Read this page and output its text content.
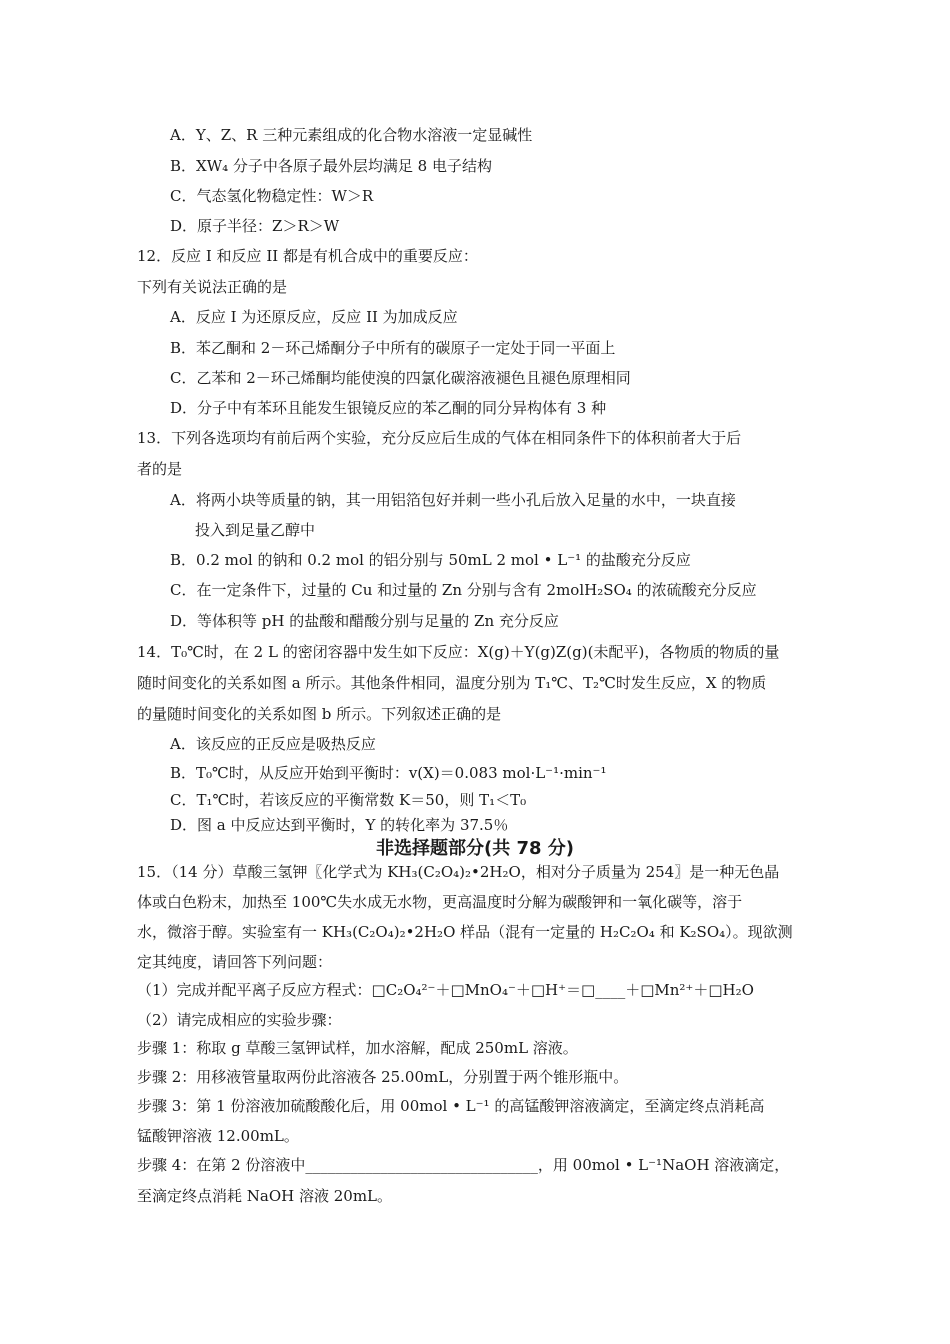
A．Y、Z、R 三种元素组成的化合物水溶液一定显碱性
B．XW₄ 分子中各原子最外层均满足 8 电子结构
C．气态氢化物稳定性：W＞R
D．原子半径：Z＞R＞W
12．反应 I 和反应 II 都是有机合成中的重要反应：
下列有关说法正确的是
A．反应 I 为还原反应，反应 II 为加成反应
B．苯乙酮和 2－环己烯酮分子中所有的碳原子一定处于同一平面上
C．乙苯和 2－环己烯酮均能使溴的四氯化碳溶液褪色且褪色原理相同
D．分子中有苯环且能发生银镜反应的苯乙酮的同分异构体有 3 种
13．下列各选项均有前后两个实验，充分反应后生成的气体在相同条件下的体积前者大于后
者的是
A．将两小块等质量的钠，其一用铝箔包好并刺一些小孔后放入足量的水中，一块直接
投入到足量乙醇中
B．0.2 mol 的钠和 0.2 mol 的铝分别与 50mL 2 mol • L⁻¹ 的盐酸充分反应
C．在一定条件下，过量的 Cu 和过量的 Zn 分别与含有 2molH₂SO₄ 的浓硫酸充分反应
D．等体积等 pH 的盐酸和醋酸分别与足量的 Zn 充分反应
14．T₀℃时，在 2 L 的密闭容器中发生如下反应：X(g)＋Y(g)Z(g)(未配平)，各物质的物质的量
随时间变化的关系如图 a 所示。其他条件相同，温度分别为 T₁℃、T₂℃时发生反应，X 的物质
的量随时间变化的关系如图 b 所示。下列叙述正确的是
A．该反应的正反应是吸热反应
B．T₀℃时，从反应开始到平衡时：v(X)＝0.083 mol·L⁻¹·min⁻¹
C．T₁℃时，若该反应的平衡常数 K＝50，则 T₁＜T₀
D．图 a 中反应达到平衡时，Y 的转化率为 37.5％
非选择题部分(共 78 分)
15．（14 分）草酸三氢钾〖化学式为 KH₃(C₂O₄)₂•2H₂O，相对分子质量为 254〗是一种无色晶
体或白色粉末，加热至 100℃失水成无水物，更高温度时分解为碳酸钾和一氧化碳等，溶于
水，微溶于醇。实验室有一 KH₃(C₂O₄)₂•2H₂O 样品（混有一定量的 H₂C₂O₄ 和 K₂SO₄）。现欲测
定其纯度，请回答下列问题：
（1）完成并配平离子反应方程式：□C₂O₄²⁻＋□MnO₄⁻＋□H⁺＝□____＋□Mn²⁺＋□H₂O
（2）请完成相应的实验步骤：
步骤 1：称取 g 草酸三氢钾试样，加水溶解，配成 250mL 溶液。
步骤 2：用移液管量取两份此溶液各 25.00mL，分别置于两个锥形瓶中。
步骤 3：第 1 份溶液加硫酸酸化后，用 00mol • L⁻¹ 的高锰酸钾溶液滴定，至滴定终点消耗高
锰酸钾溶液 12.00mL。
步骤 4：在第 2 份溶液中_______________________________，用 00mol • L⁻¹NaOH 溶液滴定，
至滴定终点消耗 NaOH 溶液 20mL。
